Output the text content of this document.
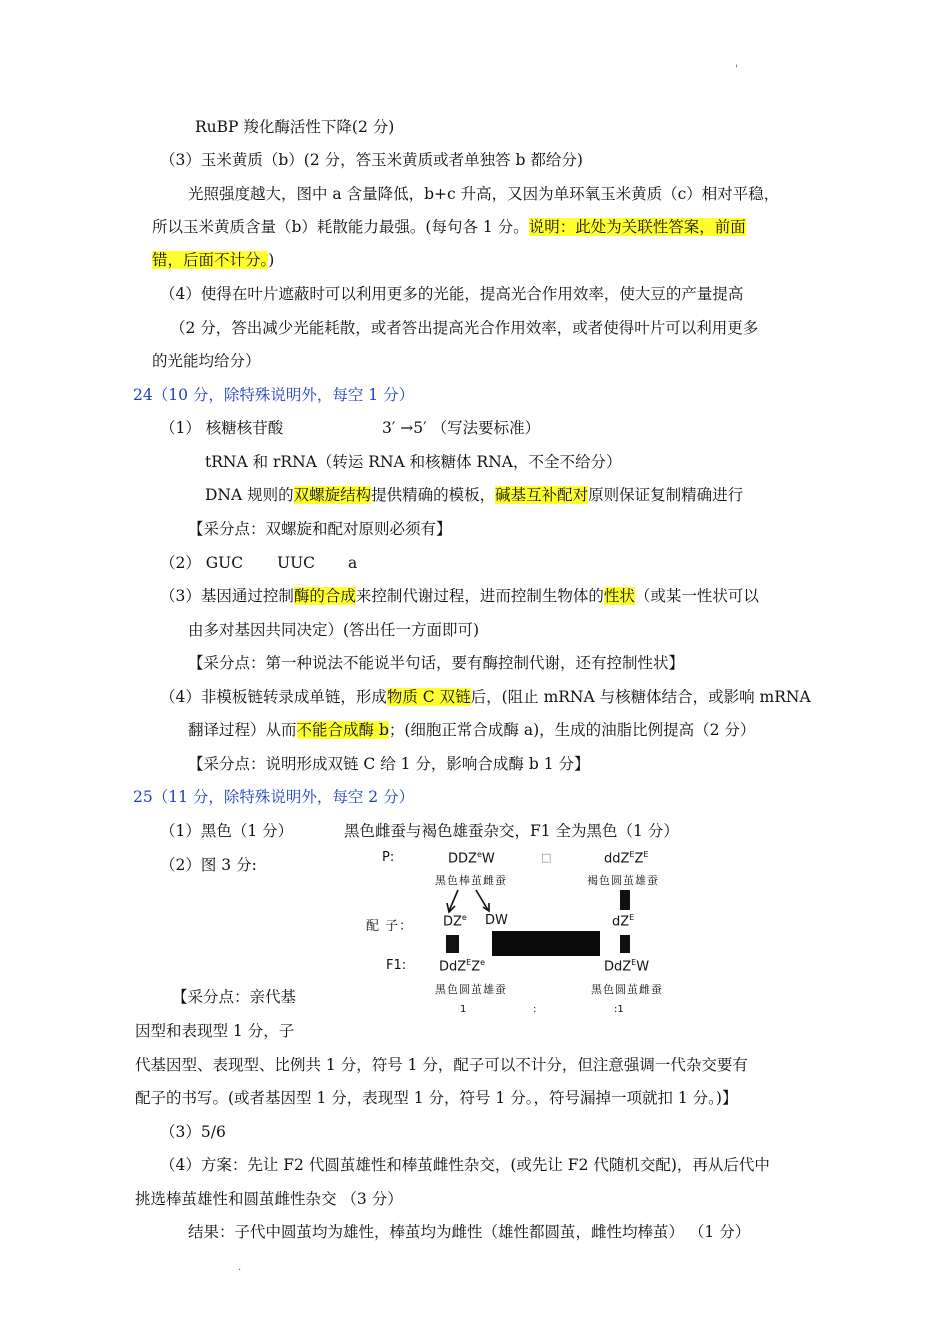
'
RuBP 羧化酶活性下降(2 分)
（3）玉米黄质（b）(2 分，答玉米黄质或者单独答 b 都给分)
光照强度越大，图中 a 含量降低，b+c 升高，又因为单环氧玉米黄质（c）相对平稳，
所以玉米黄质含量（b）耗散能力最强。(每句各 1 分。说明：此处为关联性答案，前面
错，后面不计分。)
（4）使得在叶片遮蔽时可以利用更多的光能，提高光合作用效率，使大豆的产量提高
（2 分，答出减少光能耗散，或者答出提高光合作用效率，或者使得叶片可以利用更多
的光能均给分）
24（10 分，除特殊说明外，每空 1 分）
（1） 核糖核苷酸	3′ →5′ （写法要标准）
tRNA 和 rRNA（转运 RNA 和核糖体 RNA，不全不给分）
DNA 规则的双螺旋结构提供精确的模板，碱基互补配对原则保证复制精确进行
【采分点：双螺旋和配对原则必须有】
（2） GUC UUC a
（3）基因通过控制酶的合成来控制代谢过程，进而控制生物体的性状（或某一性状可以
由多对基因共同决定）(答出任一方面即可)
【采分点：第一种说法不能说半句话，要有酶控制代谢，还有控制性状】
（4）非模板链转录成单链，形成物质 C 双链后，(阻止 mRNA 与核糖体结合，或影响 mRNA
翻译过程）从而不能合成酶 b；(细胞正常合成酶 a)，生成的油脂比例提高（2 分）
【采分点：说明形成双链 C 给 1 分，影响合成酶 b 1 分】
25（11 分，除特殊说明外，每空 2 分）
（1）黑色（1 分）	黑色雌蚕与褐色雄蚕杂交，F1 全为黑色（1 分）
（2）图 3 分:	P:	DDZ$^e$W	□	$ddZ^EZ^E$
黑色棒茧雌蚕	褐色圆茧雄蚕
配 子： $DZ^e$ DW	$dZ^E$
F1:	$DdZ^EZ^e$	DdZ$^E$W
黑色圆茧雄蚕	黑色圆茧雌蚕
1	:	:1
【采分点：亲代基
因型和表现型 1 分，子
代基因型、表现型、比例共 1 分，符号 1 分，配子可以不计分，但注意强调一代杂交要有
配子的书写。(或者基因型 1 分，表现型 1 分，符号 1 分。，符号漏掉一项就扣 1 分。)】
（3）5/6
（4）方案：先让 F2 代圆茧雄性和棒茧雌性杂交，(或先让 F2 代随机交配)，再从后代中
挑选棒茧雄性和圆茧雌性杂交 （3 分）
结果：子代中圆茧均为雄性，棒茧均为雌性（雄性都圆茧，雌性均棒茧） （1 分）
.
